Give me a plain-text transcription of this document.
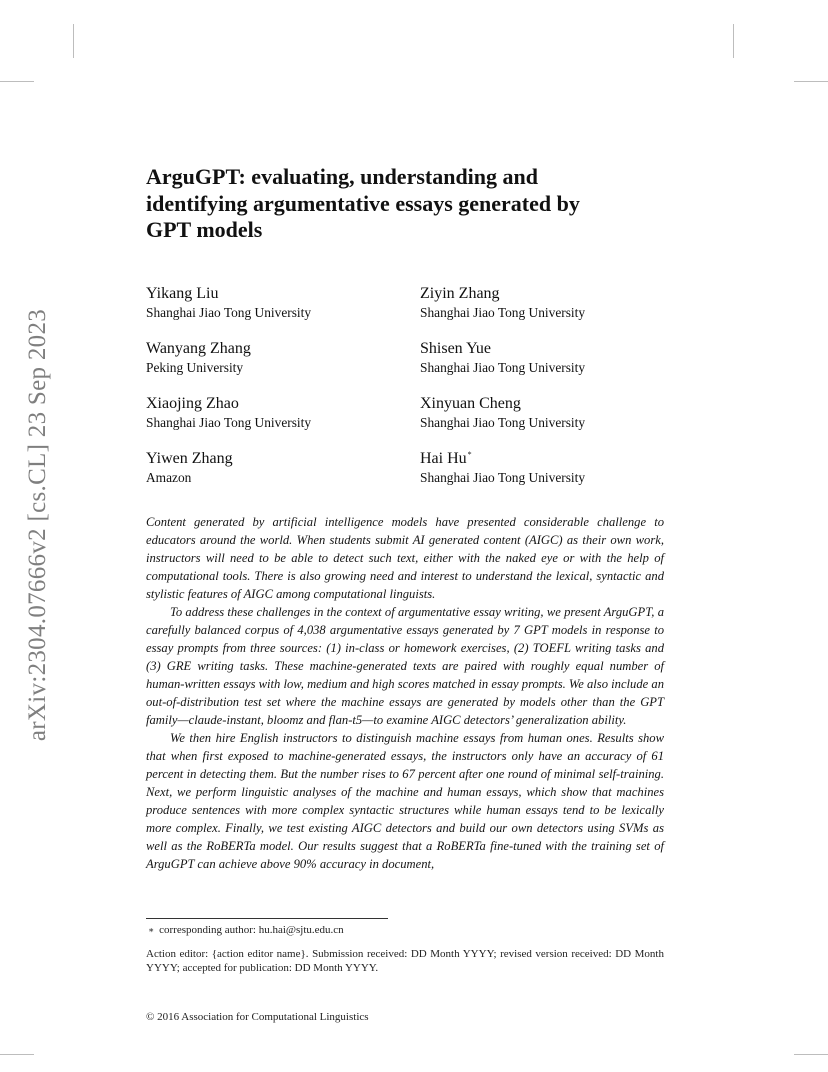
arXiv:2304.07666v2 [cs.CL] 23 Sep 2023
ArguGPT: evaluating, understanding and identifying argumentative essays generated by GPT models
Yikang Liu
Shanghai Jiao Tong University
Ziyin Zhang
Shanghai Jiao Tong University
Wanyang Zhang
Peking University
Shisen Yue
Shanghai Jiao Tong University
Xiaojing Zhao
Shanghai Jiao Tong University
Xinyuan Cheng
Shanghai Jiao Tong University
Yiwen Zhang
Amazon
Hai Hu*
Shanghai Jiao Tong University

Content generated by artificial intelligence models have presented considerable challenge to educators around the world. When students submit AI generated content (AIGC) as their own work, instructors will need to be able to detect such text, either with the naked eye or with the help of computational tools. There is also growing need and interest to understand the lexical, syntactic and stylistic features of AIGC among computational linguists.

To address these challenges in the context of argumentative essay writing, we present ArguGPT, a carefully balanced corpus of 4,038 argumentative essays generated by 7 GPT models in response to essay prompts from three sources: (1) in-class or homework exercises, (2) TOEFL writing tasks and (3) GRE writing tasks. These machine-generated texts are paired with roughly equal number of human-written essays with low, medium and high scores matched in essay prompts. We also include an out-of-distribution test set where the machine essays are generated by models other than the GPT family—claude-instant, bloomz and flan-t5—to examine AIGC detectors’ generalization ability.

We then hire English instructors to distinguish machine essays from human ones. Results show that when first exposed to machine-generated essays, the instructors only have an accuracy of 61 percent in detecting them. But the number rises to 67 percent after one round of minimal self-training. Next, we perform linguistic analyses of the machine and human essays, which show that machines produce sentences with more complex syntactic structures while human essays tend to be lexically more complex. Finally, we test existing AIGC detectors and build our own detectors using SVMs as well as the RoBERTa model. Our results suggest that a RoBERTa fine-tuned with the training set of ArguGPT can achieve above 90% accuracy in document,

∗ corresponding author: hu.hai@sjtu.edu.cn
Action editor: {action editor name}. Submission received: DD Month YYYY; revised version received: DD Month YYYY; accepted for publication: DD Month YYYY.
© 2016 Association for Computational Linguistics
